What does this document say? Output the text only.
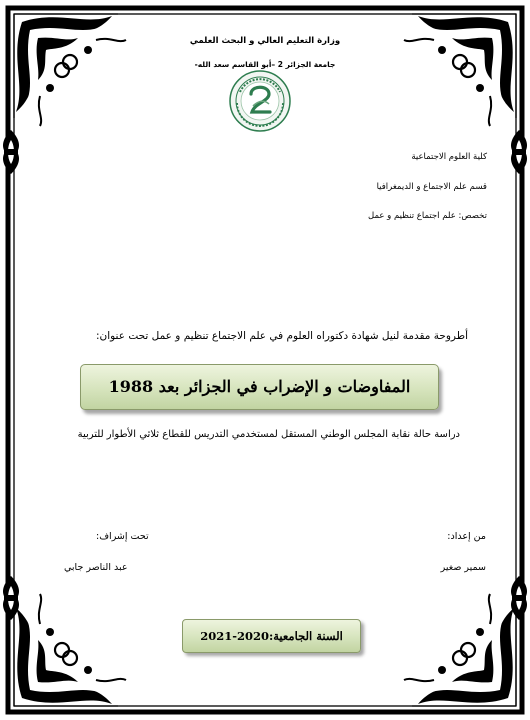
وزارة التعليم العالي و البحث العلمي
جامعة الجزائر 2 –أبو القاسم سعد الله-
كلية العلوم الاجتماعية
قسم علم الاجتماع و الديمغرافيا
تخصص: علم اجتماع تنظيم و عمل
أطروحة مقدمة لنيل شهادة دكتوراه العلوم في علم الاجتماع تنظيم و عمل تحت عنوان:
المفاوضات و الإضراب في الجزائر بعد 1988
دراسة حالة نقابة المجلس الوطني المستقل لمستخدمي التدريس للقطاع ثلاثي الأطوار للتربية
من إعداد:
تحت إشراف:
سمير صغير
عبد الناصر جابي
السنة الجامعية:2020-2021
